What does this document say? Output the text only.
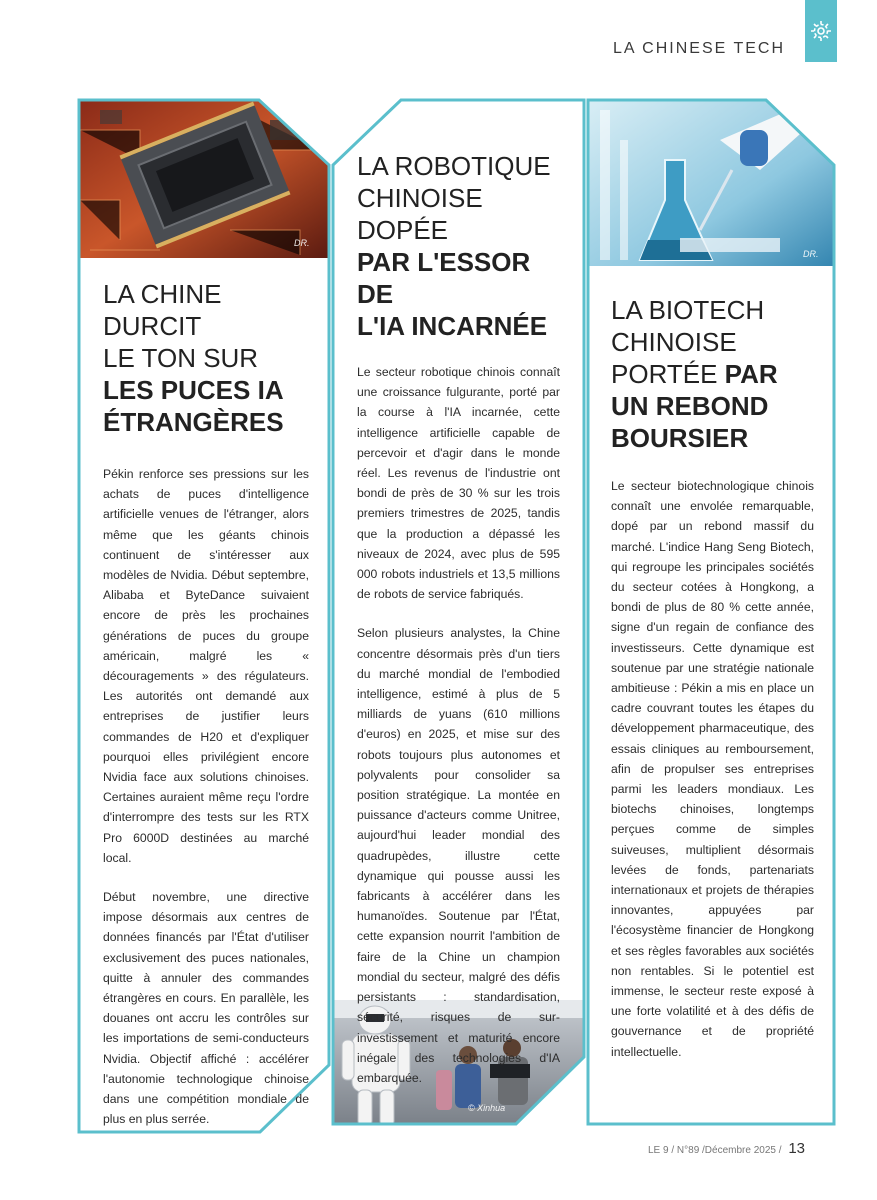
LA CHINESE TECH
DR.
© Xinhua
DR.
LA CHINE DURCIT
LE TON SUR
LES PUCES IA
ÉTRANGÈRES

Pékin renforce ses pressions sur les achats de puces d'intelligence artificielle venues de l'étranger, alors même que les géants chinois continuent de s'intéresser aux modèles de Nvidia. Début septembre, Alibaba et ByteDance suivaient encore de près les prochaines générations de puces du groupe américain, malgré les « découragements » des régulateurs. Les autorités ont demandé aux entreprises de justifier leurs commandes de H20 et d'expliquer pourquoi elles privilégient encore Nvidia face aux solutions chinoises. Certaines auraient même reçu l'ordre d'interrompre des tests sur les RTX Pro 6000D destinées au marché local.

Début novembre, une directive impose désormais aux centres de données financés par l'État d'utiliser exclusivement des puces nationales, quitte à annuler des commandes étrangères en cours. En parallèle, les douanes ont accru les contrôles sur les importations de semi-conducteurs Nvidia. Objectif affiché : accélérer l'autonomie technologique chinoise dans une compétition mondiale de plus en plus serrée.

LA ROBOTIQUE
CHINOISE DOPÉE
PAR L'ESSOR DE
L'IA INCARNÉE

Le secteur robotique chinois connaît une croissance fulgurante, porté par la course à l'IA incarnée, cette intelligence artificielle capable de percevoir et d'agir dans le monde réel. Les revenus de l'industrie ont bondi de près de 30 % sur les trois premiers trimestres de 2025, tandis que la production a dépassé les niveaux de 2024, avec plus de 595 000 robots industriels et 13,5 millions de robots de service fabriqués.

Selon plusieurs analystes, la Chine concentre désormais près d'un tiers du marché mondial de l'embodied intelligence, estimé à plus de 5 milliards de yuans (610 millions d'euros) en 2025, et mise sur des robots toujours plus autonomes et polyvalents pour consolider sa position stratégique. La montée en puissance d'acteurs comme Unitree, aujourd'hui leader mondial des quadrupèdes, illustre cette dynamique qui pousse aussi les fabricants à accélérer dans les humanoïdes. Soutenue par l'État, cette expansion nourrit l'ambition de faire de la Chine un champion mondial du secteur, malgré des défis persistants : standardisation, sécurité, risques de sur-investissement et maturité encore inégale des technologies d'IA embarquée.

LA BIOTECH
CHINOISE
PORTÉE PAR
UN REBOND
BOURSIER

Le secteur biotechnologique chinois connaît une envolée remarquable, dopé par un rebond massif du marché. L'indice Hang Seng Biotech, qui regroupe les principales sociétés du secteur cotées à Hongkong, a bondi de plus de 80 % cette année, signe d'un regain de confiance des investisseurs. Cette dynamique est soutenue par une stratégie nationale ambitieuse : Pékin a mis en place un cadre couvrant toutes les étapes du développement pharmaceutique, des essais cliniques au remboursement, afin de propulser ses entreprises parmi les leaders mondiaux. Les biotechs chinoises, longtemps perçues comme de simples suiveuses, multiplient désormais levées de fonds, partenariats internationaux et projets de thérapies innovantes, appuyées par l'écosystème financier de Hongkong et ses règles favorables aux sociétés non rentables. Si le potentiel est immense, le secteur reste exposé à une forte volatilité et à des défis de gouvernance et de propriété intellectuelle.

LE 9 / N°89 /Décembre 2025 / 13
